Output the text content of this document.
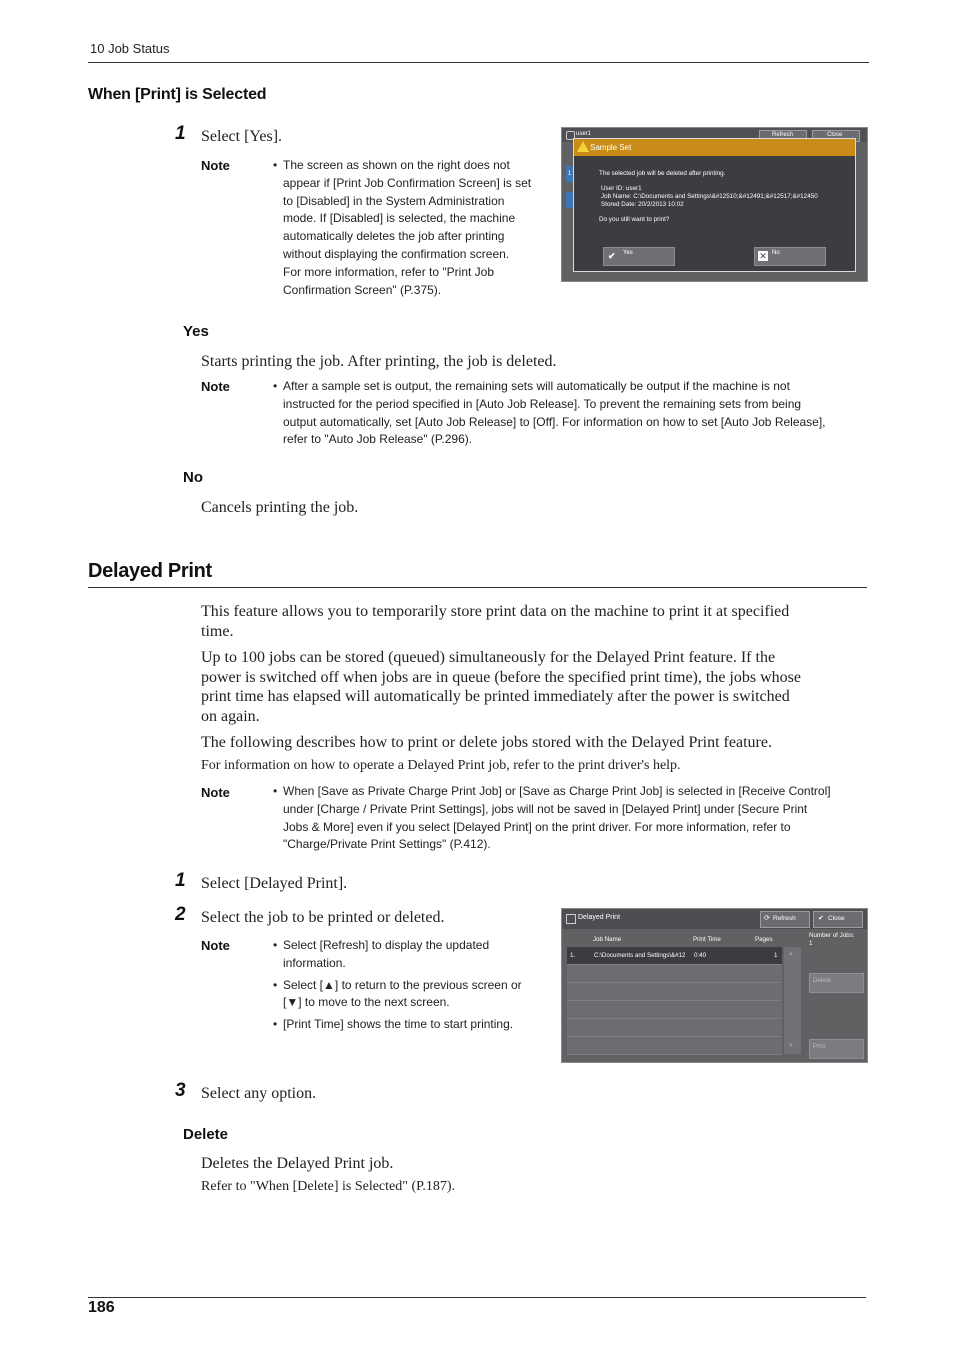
10 Job Status
When [Print] is Selected
1 Select [Yes].
Note	• The screen as shown on the right does not
appear if [Print Job Confirmation Screen] is set
to [Disabled] in the System Administration
mode. If [Disabled] is selected, the machine
automatically deletes the job after printing
without displaying the confirmation screen.
For more information, refer to "Print Job
Confirmation Screen" (P.375).
user1	Refresh	Close
1
Sample Set
The selected job will be deleted after printing.
User ID: user1
Job Name: C:\Documents and Settings\&#12510;&#12491;&#12517;&#12450
Stored Date: 20/2/2013 10:02
Do you still want to print?
✔ Yes	✕ No
Yes
Starts printing the job. After printing, the job is deleted.
Note	• After a sample set is output, the remaining sets will automatically be output if the machine is not
instructed for the period specified in [Auto Job Release]. To prevent the remaining sets from being
output automatically, set [Auto Job Release] to [Off]. For information on how to set [Auto Job Release],
refer to "Auto Job Release" (P.296).
No
Cancels printing the job.
Delayed Print
This feature allows you to temporarily store print data on the machine to print it at specified
time.
Up to 100 jobs can be stored (queued) simultaneously for the Delayed Print feature. If the
power is switched off when jobs are in queue (before the specified print time), the jobs whose
print time has elapsed will automatically be printed immediately after the power is switched
on again.
The following describes how to print or delete jobs stored with the Delayed Print feature.
For information on how to operate a Delayed Print job, refer to the print driver's help.
Note	• When [Save as Private Charge Print Job] or [Save as Charge Print Job] is selected in [Receive Control]
under [Charge / Private Print Settings], jobs will not be saved in [Delayed Print] under [Secure Print
Jobs & More] even if you select [Delayed Print] on the print driver. For more information, refer to
"Charge/Private Print Settings" (P.412).
1 Select [Delayed Print].
2 Select the job to be printed or deleted.
Note	• Select [Refresh] to display the updated
information.
• Select [▲] to return to the previous screen or
[▼] to move to the next screen.
• [Print Time] shows the time to start printing.
Delayed Print	⟳ Refresh	✔ Close
Job Name	Print Time	Pages
1.	C:\Documents and Settings\&#12 0:40	1 ▲
▼
Number of Jobs:
1
Delete
Print
3 Select any option.
Delete
Deletes the Delayed Print job.
Refer to "When [Delete] is Selected" (P.187).
186
